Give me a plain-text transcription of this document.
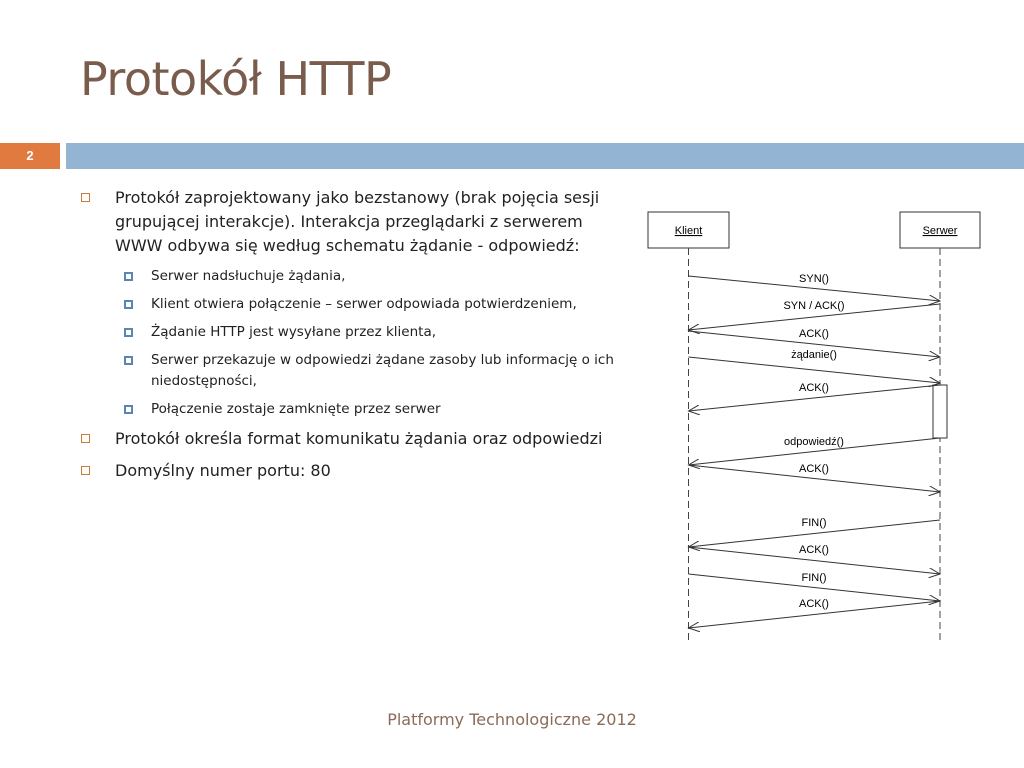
Protokół HTTP
2
Protokół zaprojektowany jako bezstanowy (brak pojęcia sesji grupującej interakcje). Interakcja przeglądarki z serwerem WWW odbywa się według schematu żądanie - odpowiedź:
Serwer nadsłuchuje żądania,
Klient otwiera połączenie – serwer odpowiada potwierdzeniem,
Żądanie HTTP jest wysyłane przez klienta,
Serwer przekazuje w odpowiedzi żądane zasoby lub informację o ich niedostępności,
Połączenie zostaje zamknięte przez serwer
Protokół określa format komunikatu żądania oraz odpowiedzi
Domyślny numer portu: 80
Klient	Serwer
SYN()
SYN / ACK()
ACK()
żądanie()
ACK()
odpowiedź()
ACK()
FIN()
ACK()
FIN()
ACK()
Platformy Technologiczne 2012
